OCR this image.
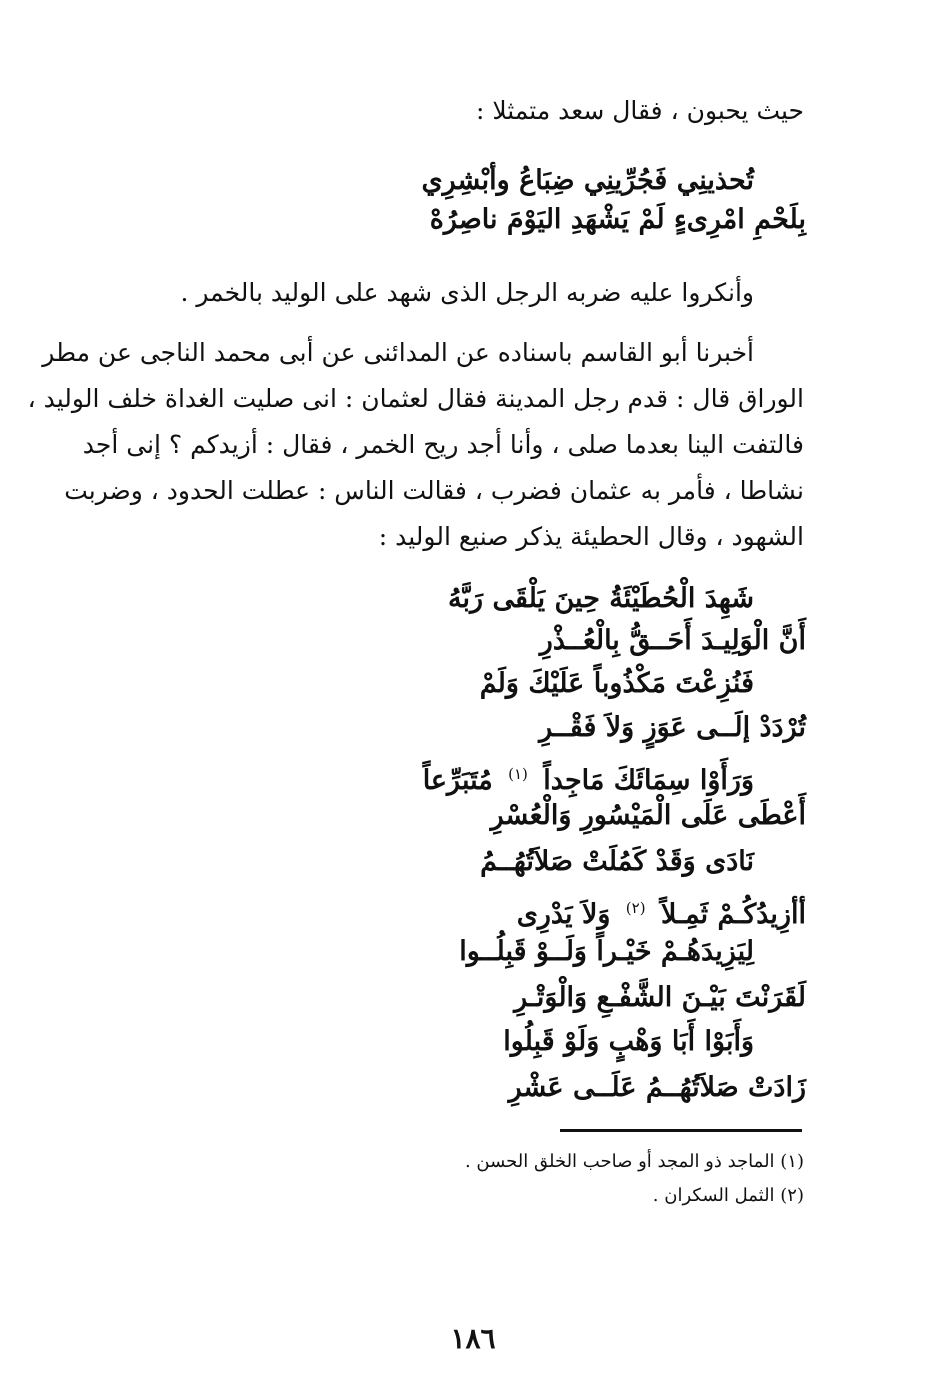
حيث يحبون ، فقال سعد متمثلا :
تُحذينِي فَجُرِّينِي ضِبَاعُ وأبْشِرِي
بِلَحْمِ امْرِىءٍ لَمْ يَشْهَدِ اليَوْمَ ناصِرُهْ
وأنكروا عليه ضربه الرجل الذى شهد على الوليد بالخمر .
أخبرنا أبو القاسم باسناده عن المدائنى عن أبى محمد الناجى عن مطر
الوراق قال : قدم رجل المدينة فقال لعثمان : انى صليت الغداة خلف الوليد ،
فالتفت الينا بعدما صلى ، وأنا أجد ريح الخمر ، فقال : أزيدكم ؟ إنى أجد
نشاطا ، فأمر به عثمان فضرب ، فقالت الناس : عطلت الحدود ، وضربت
الشهود ، وقال الحطيئة يذكر صنيع الوليد :
شَهِدَ الْحُطَيْئَةُ حِينَ يَلْقَى رَبَّهُ
أَنَّ الْوَلِيـدَ أَحَــقُّ بِالْعُــذْرِ
فَنُزِعْتَ مَكْذُوباً عَلَيْكَ وَلَمْ
تُرْدَدْ إلَــى عَوَزٍ وَلاَ فَقْــرِ
وَرَأَوْا سِمَائَكَ مَاجِداً $^{(١)}$ مُتَبَرِّعاً
أَعْطَى عَلَى الْمَيْسُورِ وَالْعُسْرِ
نَادَى وَقَدْ كَمُلَتْ صَلاَتُهُــمُ
أأزِيدُكُـمْ ثَمِـلاً $^{(٢)}$ وَلاَ يَدْرِى
لِيَزِيدَهُـمْ خَيْـراً وَلَــوْ قَبِلُــوا
لَقَرَنْتَ بَيْـنَ الشَّفْـعِ وَالْوَتْـرِ
وَأَبَوْا أَبَا وَهْبٍ وَلَوْ قَبِلُوا
زَادَتْ صَلاَتُهُــمُ عَلَــى عَشْرِ
(١) الماجد ذو المجد أو صاحب الخلق الحسن .
(٢) الثمل السكران .
١٨٦
